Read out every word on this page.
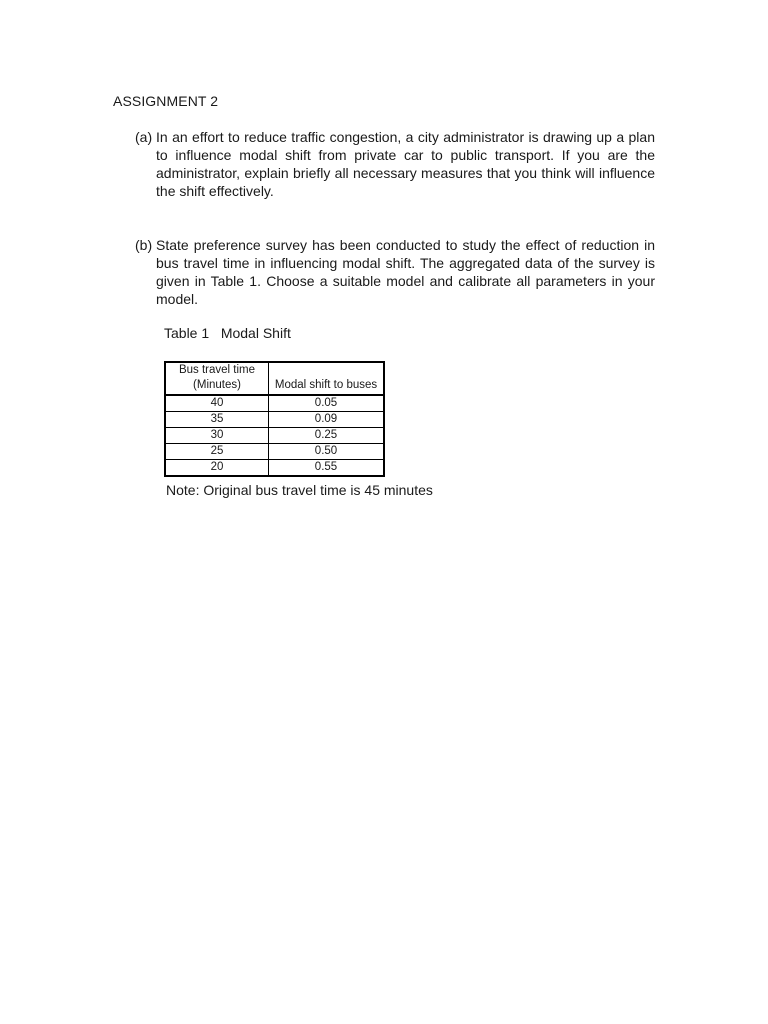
ASSIGNMENT 2
(a)
In an effort to reduce traffic congestion, a city administrator is drawing up a plan to influence modal shift from private car to public transport. If you are the administrator, explain briefly all necessary measures that you think will influence the shift effectively.
(b)
State preference survey has been conducted to study the effect of reduction in bus travel time in influencing modal shift. The aggregated data of the survey is given in Table 1. Choose a suitable model and calibrate all parameters in your model.
Table 1   Modal Shift
Bus travel time (Minutes)	Modal shift to buses
40	0.05
35	0.09
30	0.25
25	0.50
20	0.55
Note: Original bus travel time is 45 minutes
